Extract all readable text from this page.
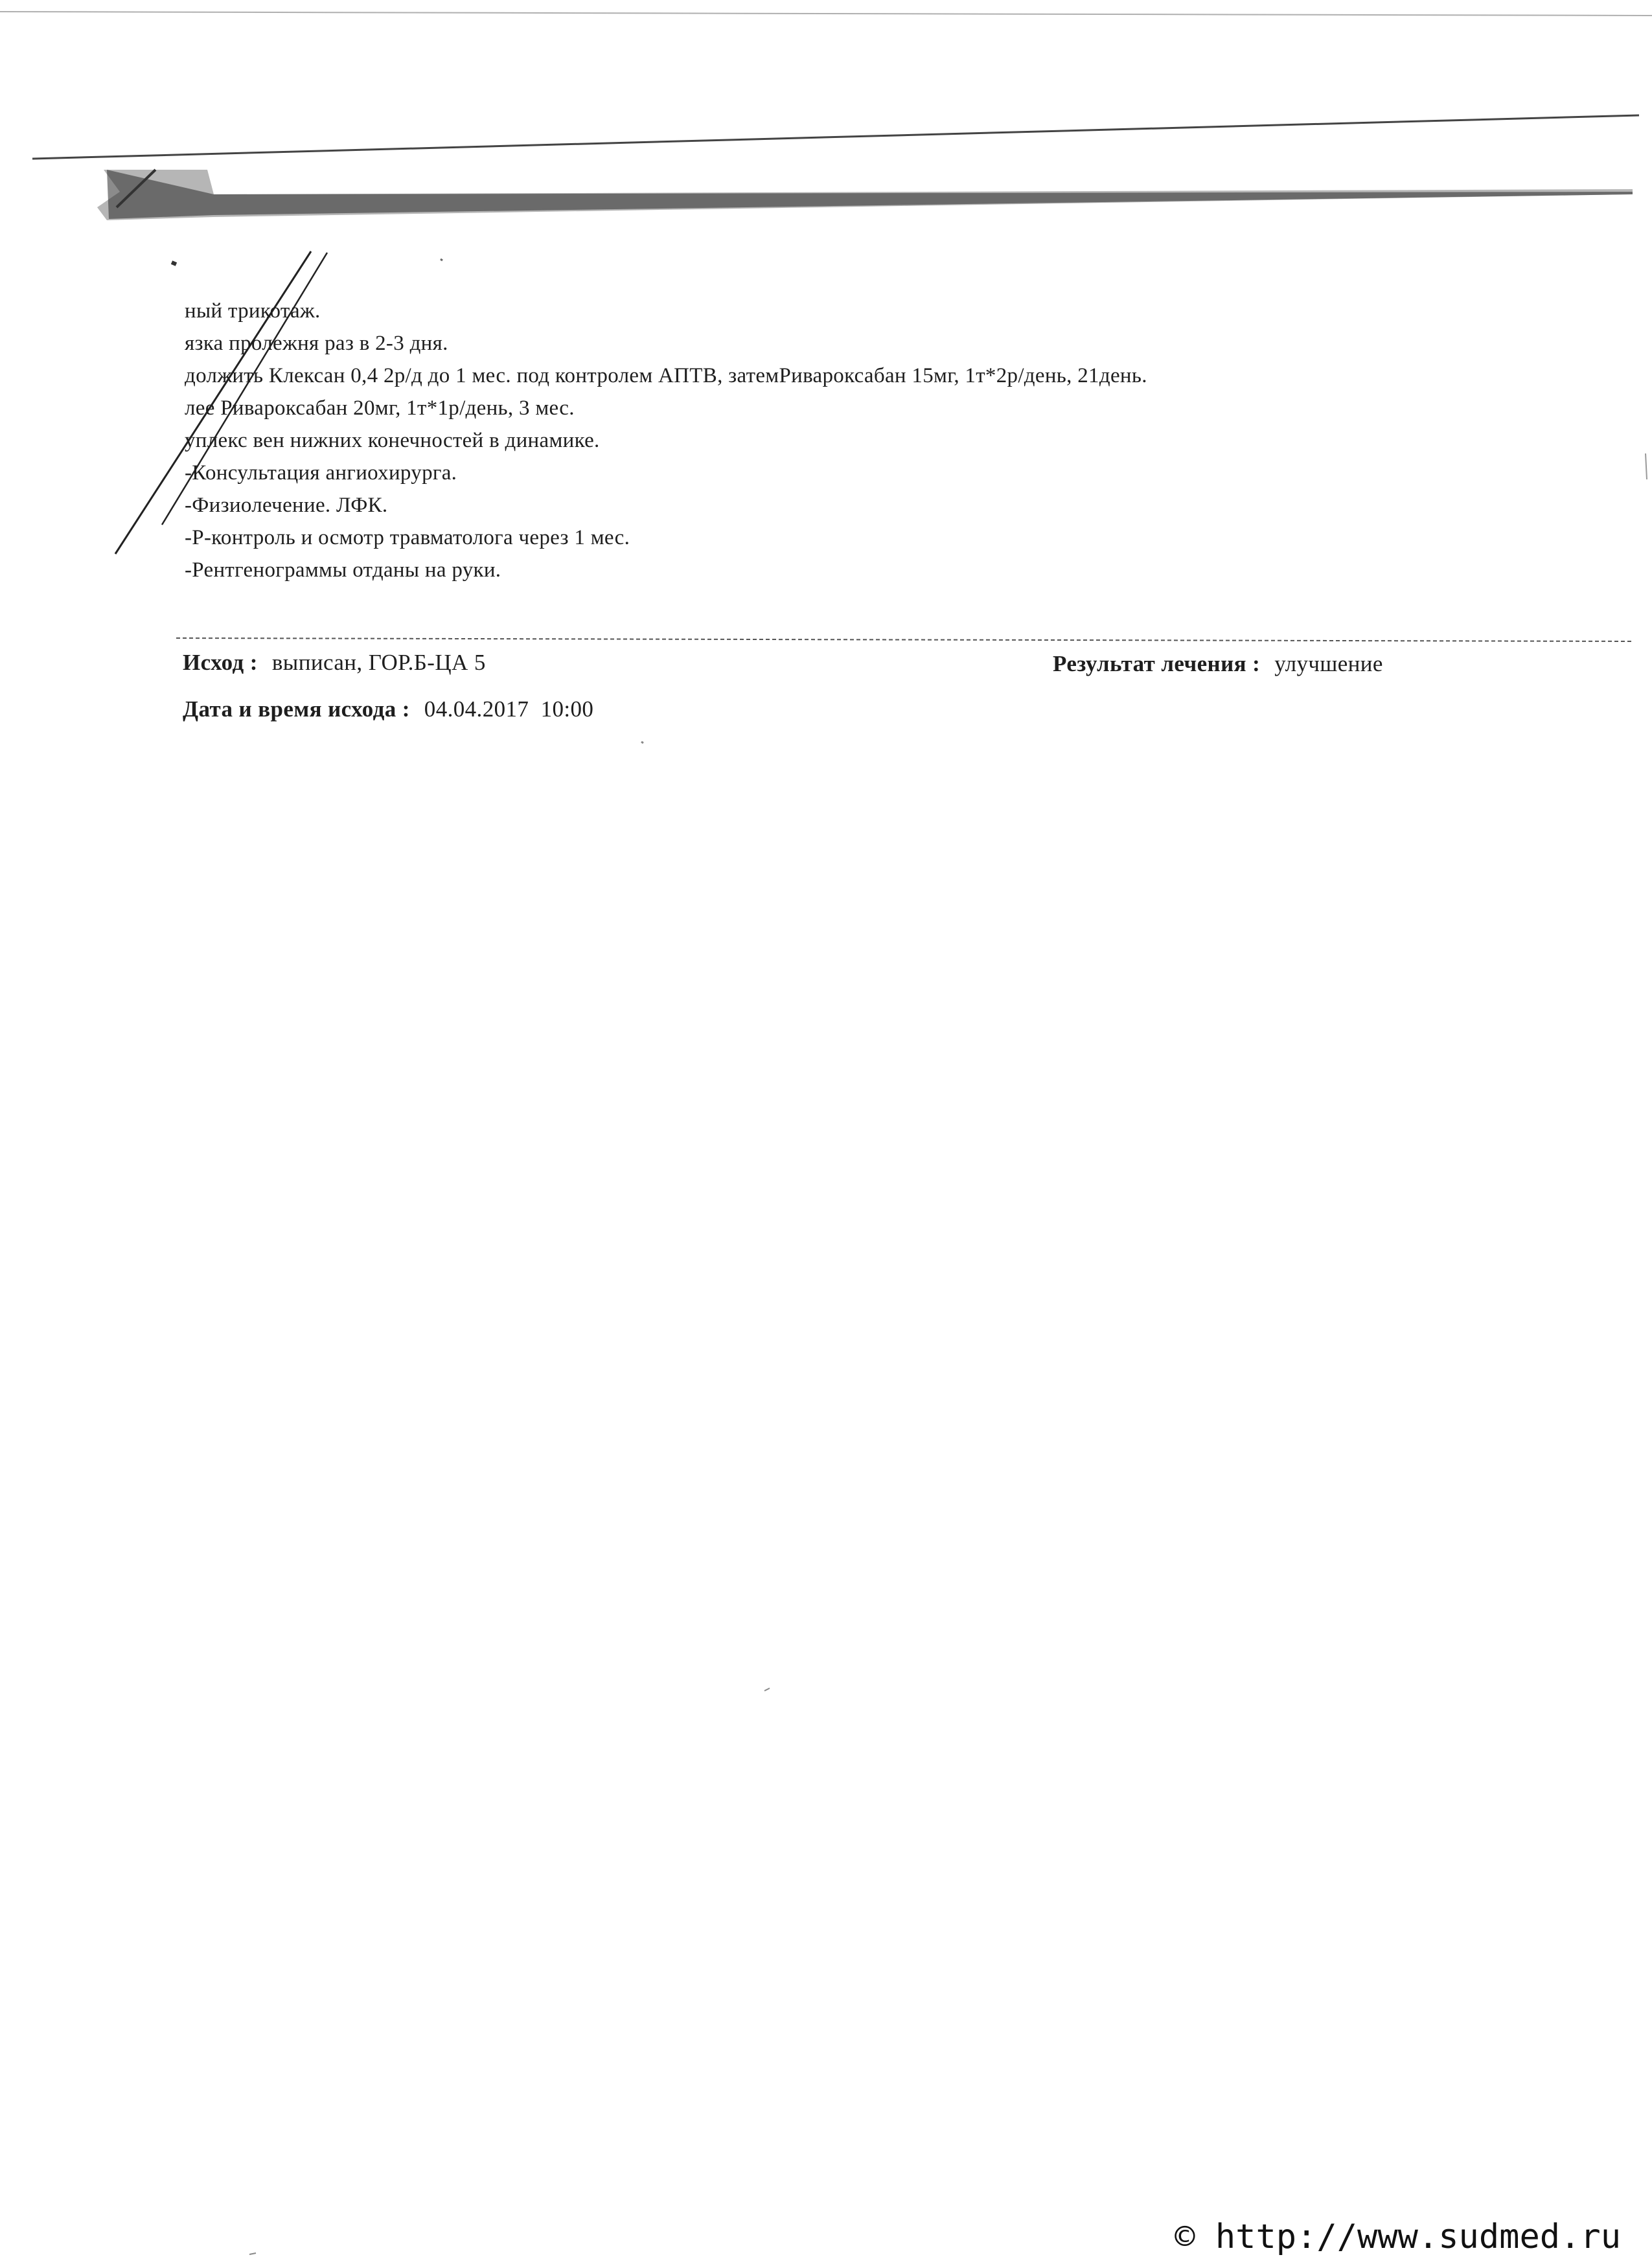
ный трикотаж.
язка пролежня раз в 2-3 дня.
должить Клексан 0,4 2р/д до 1 мес. под контролем АПТВ, затемРивароксабан 15мг, 1т*2р/день, 21день.
лее Ривароксабан 20мг, 1т*1р/день, 3 мес.
уплекс вен нижних конечностей в динамике.
-Консультация ангиохирурга.
-Физиолечение. ЛФК.
-Р-контроль и осмотр травматолога через 1 мес.
-Рентгенограммы отданы на руки.
Исход : выписан, ГОР.Б-ЦА 5	Результат лечения : улучшение
Дата и время исхода : 04.04.2017  10:00
© http://www.sudmed.ru
